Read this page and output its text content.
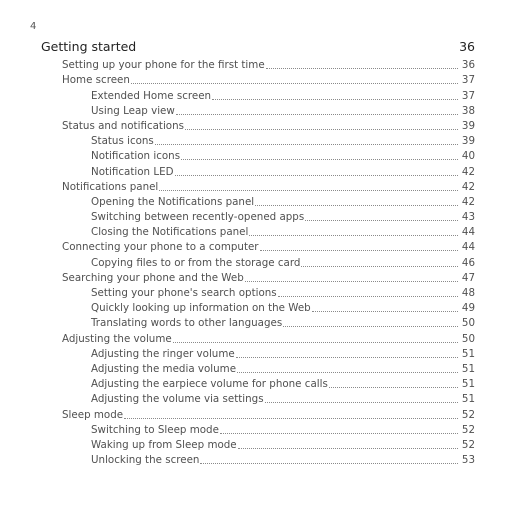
4
Getting started	36
Setting up your phone for the first time	36
Home screen	37
Extended Home screen	37
Using Leap view	38
Status and notifications	39
Status icons	39
Notification icons	40
Notification LED	42
Notifications panel	42
Opening the Notifications panel	42
Switching between recently-opened apps	43
Closing the Notifications panel	44
Connecting your phone to a computer	44
Copying files to or from the storage card	46
Searching your phone and the Web	47
Setting your phone's search options	48
Quickly looking up information on the Web	49
Translating words to other languages	50
Adjusting the volume	50
Adjusting the ringer volume	51
Adjusting the media volume	51
Adjusting the earpiece volume for phone calls	51
Adjusting the volume via settings	51
Sleep mode	52
Switching to Sleep mode	52
Waking up from Sleep mode	52
Unlocking the screen	53
